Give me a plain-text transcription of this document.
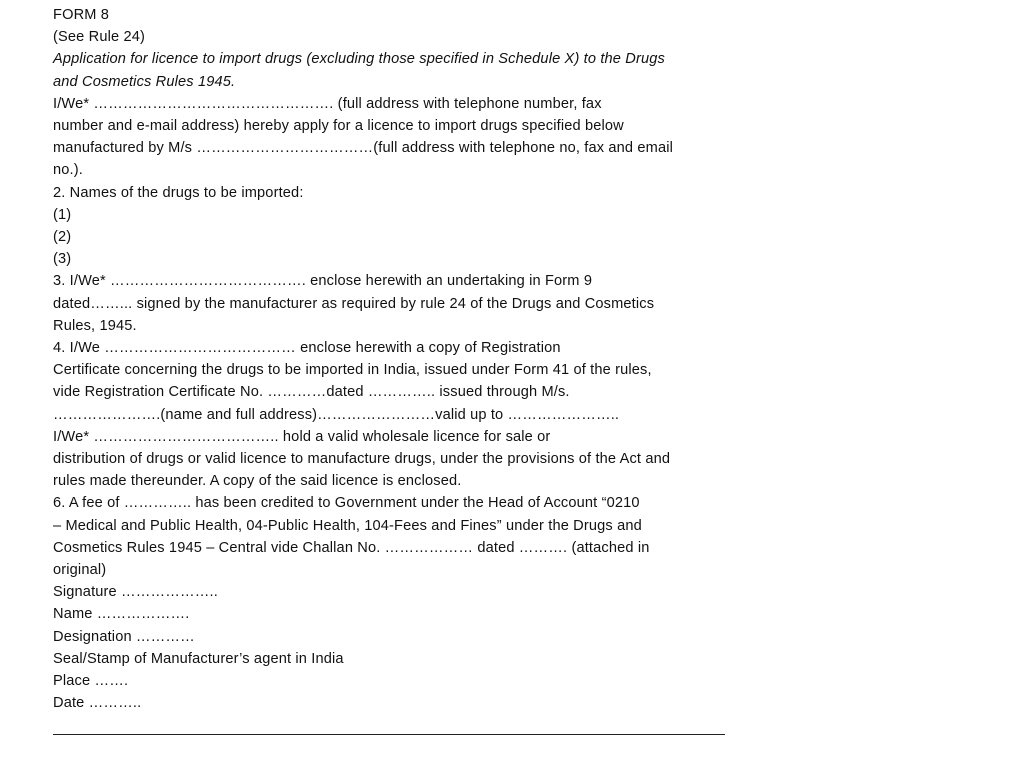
FORM 8
(See Rule 24)
Application for licence to import drugs (excluding those specified in Schedule X) to the Drugs
and Cosmetics Rules 1945.
I/We* …………………………………………. (full address with telephone number, fax
number and e-mail address) hereby apply for a licence to import drugs specified below
manufactured by M/s ………………………………(full address with telephone no, fax and email
no.).
2. Names of the drugs to be imported:
(1)
(2)
(3)
3. I/We* …………………………………. enclose herewith an undertaking in Form 9
dated……... signed by the manufacturer as required by rule 24 of the Drugs and Cosmetics
Rules, 1945.
4. I/We ………………………………… enclose herewith a copy of Registration
Certificate concerning the drugs to be imported in India, issued under Form 41 of the rules,
vide Registration Certificate No. …………dated ………….. issued through M/s.
………………….(name and full address)……………………valid up to …………………..
I/We* ……………………………….. hold a valid wholesale licence for sale or
distribution of drugs or valid licence to manufacture drugs, under the provisions of the Act and
rules made thereunder. A copy of the said licence is enclosed.
6. A fee of ………….. has been credited to Government under the Head of Account “0210
– Medical and Public Health, 04-Public Health, 104-Fees and Fines” under the Drugs and
Cosmetics Rules 1945 – Central vide Challan No. ……………… dated ………. (attached in
original)
Signature ………………..
Name ……………….
Designation …………
Seal/Stamp of Manufacturer’s agent in India
Place …….
Date ………..
